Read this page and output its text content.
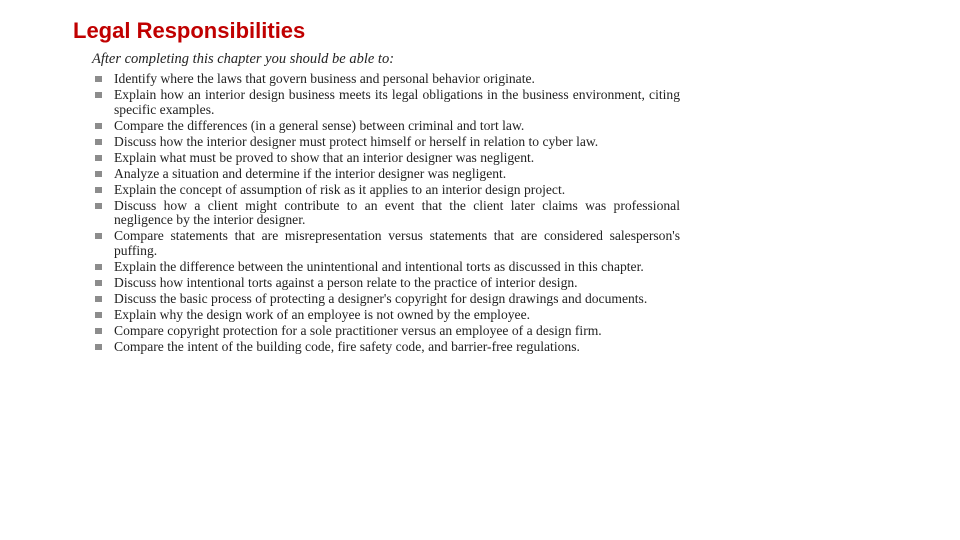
Legal Responsibilities

After completing this chapter you should be able to:

Identify where the laws that govern business and personal behavior originate.
Explain how an interior design business meets its legal obligations in the business environment, citing specific examples.
Compare the differences (in a general sense) between criminal and tort law.
Discuss how the interior designer must protect himself or herself in relation to cyber law.
Explain what must be proved to show that an interior designer was negligent.
Analyze a situation and determine if the interior designer was negligent.
Explain the concept of assumption of risk as it applies to an interior design project.
Discuss how a client might contribute to an event that the client later claims was professional negligence by the interior designer.
Compare statements that are misrepresentation versus statements that are considered salesperson's puffing.
Explain the difference between the unintentional and intentional torts as discussed in this chapter.
Discuss how intentional torts against a person relate to the practice of interior design.
Discuss the basic process of protecting a designer's copyright for design drawings and documents.
Explain why the design work of an employee is not owned by the employee.
Compare copyright protection for a sole practitioner versus an employee of a design firm.
Compare the intent of the building code, fire safety code, and barrier-free regulations.
